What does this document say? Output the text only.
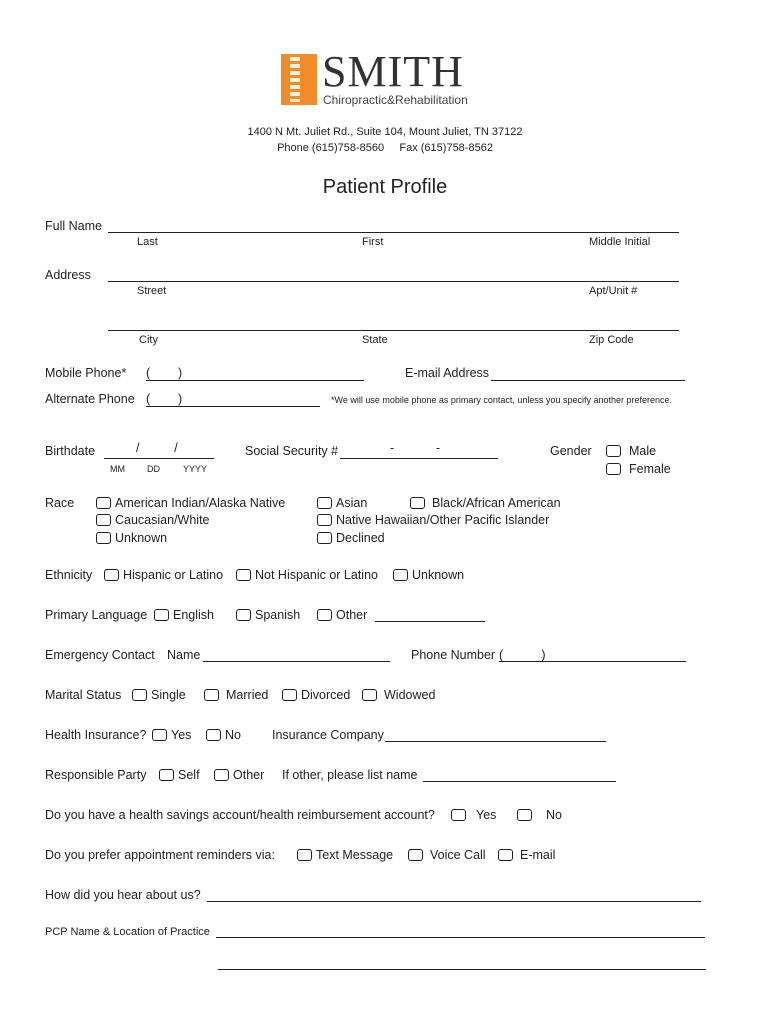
SMITH
Chiropractic&Rehabilitation
1400 N Mt. Juliet Rd., Suite 104, Mount Juliet, TN 37122
Phone (615)758-8560     Fax (615)758-8562
Patient Profile
Full Name
Last	First	Middle Initial
Address
Street	Apt/Unit #
City	State	Zip Code
Mobile Phone* (        )	E-mail Address
Alternate Phone (        )	*We will use mobile phone as primary contact, unless you specify another preference.
Birthdate	/          /
MM DD	YYYY
Social Security #	-            -	Gender	Male
Female
Race	American Indian/Alaska Native	Asian	Black/African American
Caucasian/White	Native Hawaiian/Other Pacific Islander
Unknown	Declined
Ethnicity	Hispanic or Latino	Not Hispanic or Latino	Unknown
Primary Language	English	Spanish	Other
Emergency Contact Name	Phone Number (           )
Marital Status	Single	Married	Divorced	Widowed
Health Insurance?	Yes	No Insurance Company
Responsible Party	Self	Other If other, please list name
Do you have a health savings account/health reimbursement account?	Yes	No
Do you prefer appointment reminders via:	Text Message	Voice Call	E-mail
How did you hear about us?
PCP Name & Location of Practice
